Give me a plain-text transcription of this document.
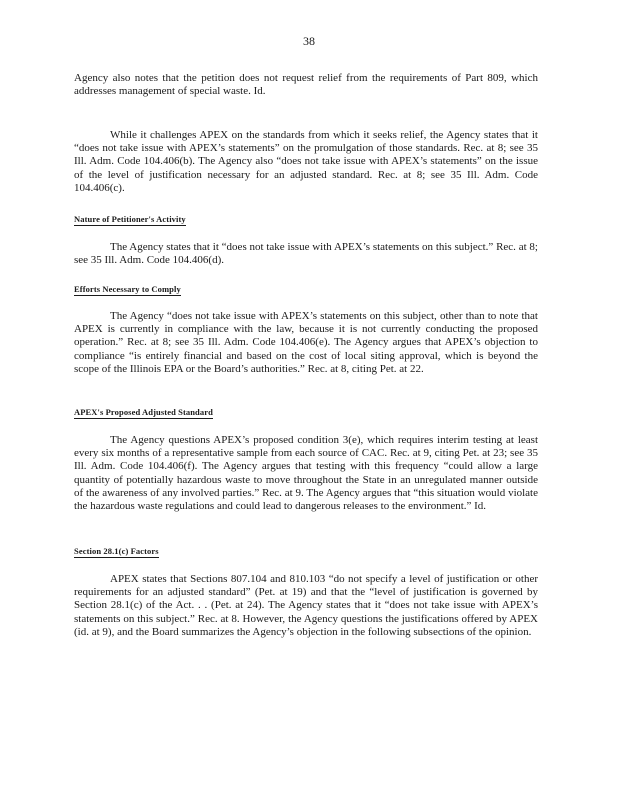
38
Agency also notes that the petition does not request relief from the requirements of Part 809, which addresses management of special waste. Id.
While it challenges APEX on the standards from which it seeks relief, the Agency states that it “does not take issue with APEX’s statements” on the promulgation of those standards. Rec. at 8; see 35 Ill. Adm. Code 104.406(b). The Agency also “does not take issue with APEX’s statements” on the issue of the level of justification necessary for an adjusted standard. Rec. at 8; see 35 Ill. Adm. Code 104.406(c).
Nature of Petitioner's Activity
The Agency states that it “does not take issue with APEX’s statements on this subject.” Rec. at 8; see 35 Ill. Adm. Code 104.406(d).
Efforts Necessary to Comply
The Agency “does not take issue with APEX’s statements on this subject, other than to note that APEX is currently in compliance with the law, because it is not currently conducting the proposed operation.” Rec. at 8; see 35 Ill. Adm. Code 104.406(e). The Agency argues that APEX’s objection to compliance “is entirely financial and based on the cost of local siting approval, which is beyond the scope of the Illinois EPA or the Board’s authorities.” Rec. at 8, citing Pet. at 22.
APEX's Proposed Adjusted Standard
The Agency questions APEX’s proposed condition 3(e), which requires interim testing at least every six months of a representative sample from each source of CAC. Rec. at 9, citing Pet. at 23; see 35 Ill. Adm. Code 104.406(f). The Agency argues that testing with this frequency “could allow a large quantity of potentially hazardous waste to move throughout the State in an unregulated manner outside of the awareness of any involved parties.” Rec. at 9. The Agency argues that “this situation would violate the hazardous waste regulations and could lead to dangerous releases to the environment.” Id.
Section 28.1(c) Factors
APEX states that Sections 807.104 and 810.103 “do not specify a level of justification or other requirements for an adjusted standard” (Pet. at 19) and that the “level of justification is governed by Section 28.1(c) of the Act. . . (Pet. at 24). The Agency states that it “does not take issue with APEX’s statements on this subject.” Rec. at 8. However, the Agency questions the justifications offered by APEX (id. at 9), and the Board summarizes the Agency’s objection in the following subsections of the opinion.
